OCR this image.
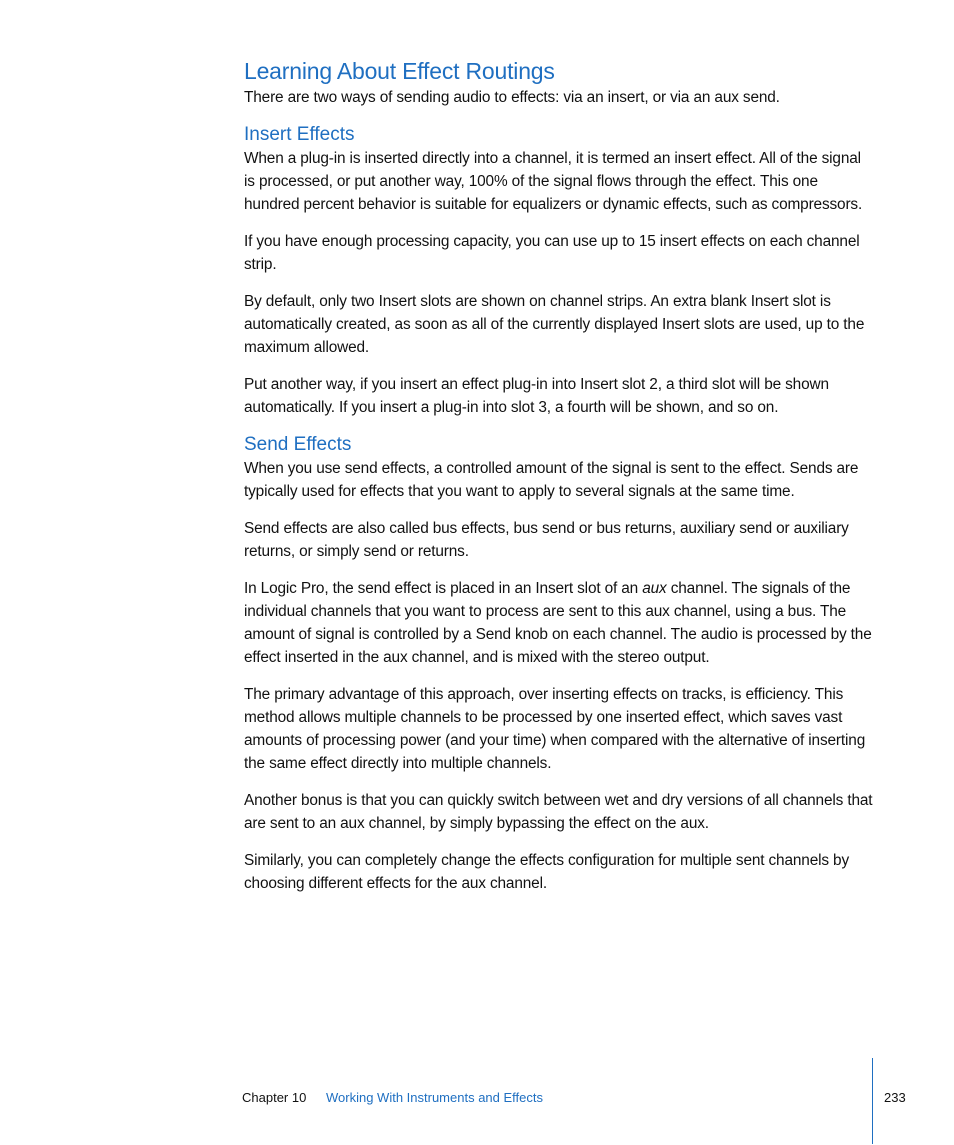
Learning About Effect Routings

There are two ways of sending audio to effects: via an insert, or via an aux send.

Insert Effects

When a plug-in is inserted directly into a channel, it is termed an insert effect. All of the signal is processed, or put another way, 100% of the signal flows through the effect. This one hundred percent behavior is suitable for equalizers or dynamic effects, such as compressors.

If you have enough processing capacity, you can use up to 15 insert effects on each channel strip.

By default, only two Insert slots are shown on channel strips. An extra blank Insert slot is automatically created, as soon as all of the currently displayed Insert slots are used, up to the maximum allowed.

Put another way, if you insert an effect plug-in into Insert slot 2, a third slot will be shown automatically. If you insert a plug-in into slot 3, a fourth will be shown, and so on.

Send Effects

When you use send effects, a controlled amount of the signal is sent to the effect. Sends are typically used for effects that you want to apply to several signals at the same time.

Send effects are also called bus effects, bus send or bus returns, auxiliary send or auxiliary returns, or simply send or returns.

In Logic Pro, the send effect is placed in an Insert slot of an aux channel. The signals of the individual channels that you want to process are sent to this aux channel, using a bus. The amount of signal is controlled by a Send knob on each channel. The audio is processed by the effect inserted in the aux channel, and is mixed with the stereo output.

The primary advantage of this approach, over inserting effects on tracks, is efficiency. This method allows multiple channels to be processed by one inserted effect, which saves vast amounts of processing power (and your time) when compared with the alternative of inserting the same effect directly into multiple channels.

Another bonus is that you can quickly switch between wet and dry versions of all channels that are sent to an aux channel, by simply bypassing the effect on the aux.

Similarly, you can completely change the effects configuration for multiple sent channels by choosing different effects for the aux channel.

Chapter 10 Working With Instruments and Effects	233
